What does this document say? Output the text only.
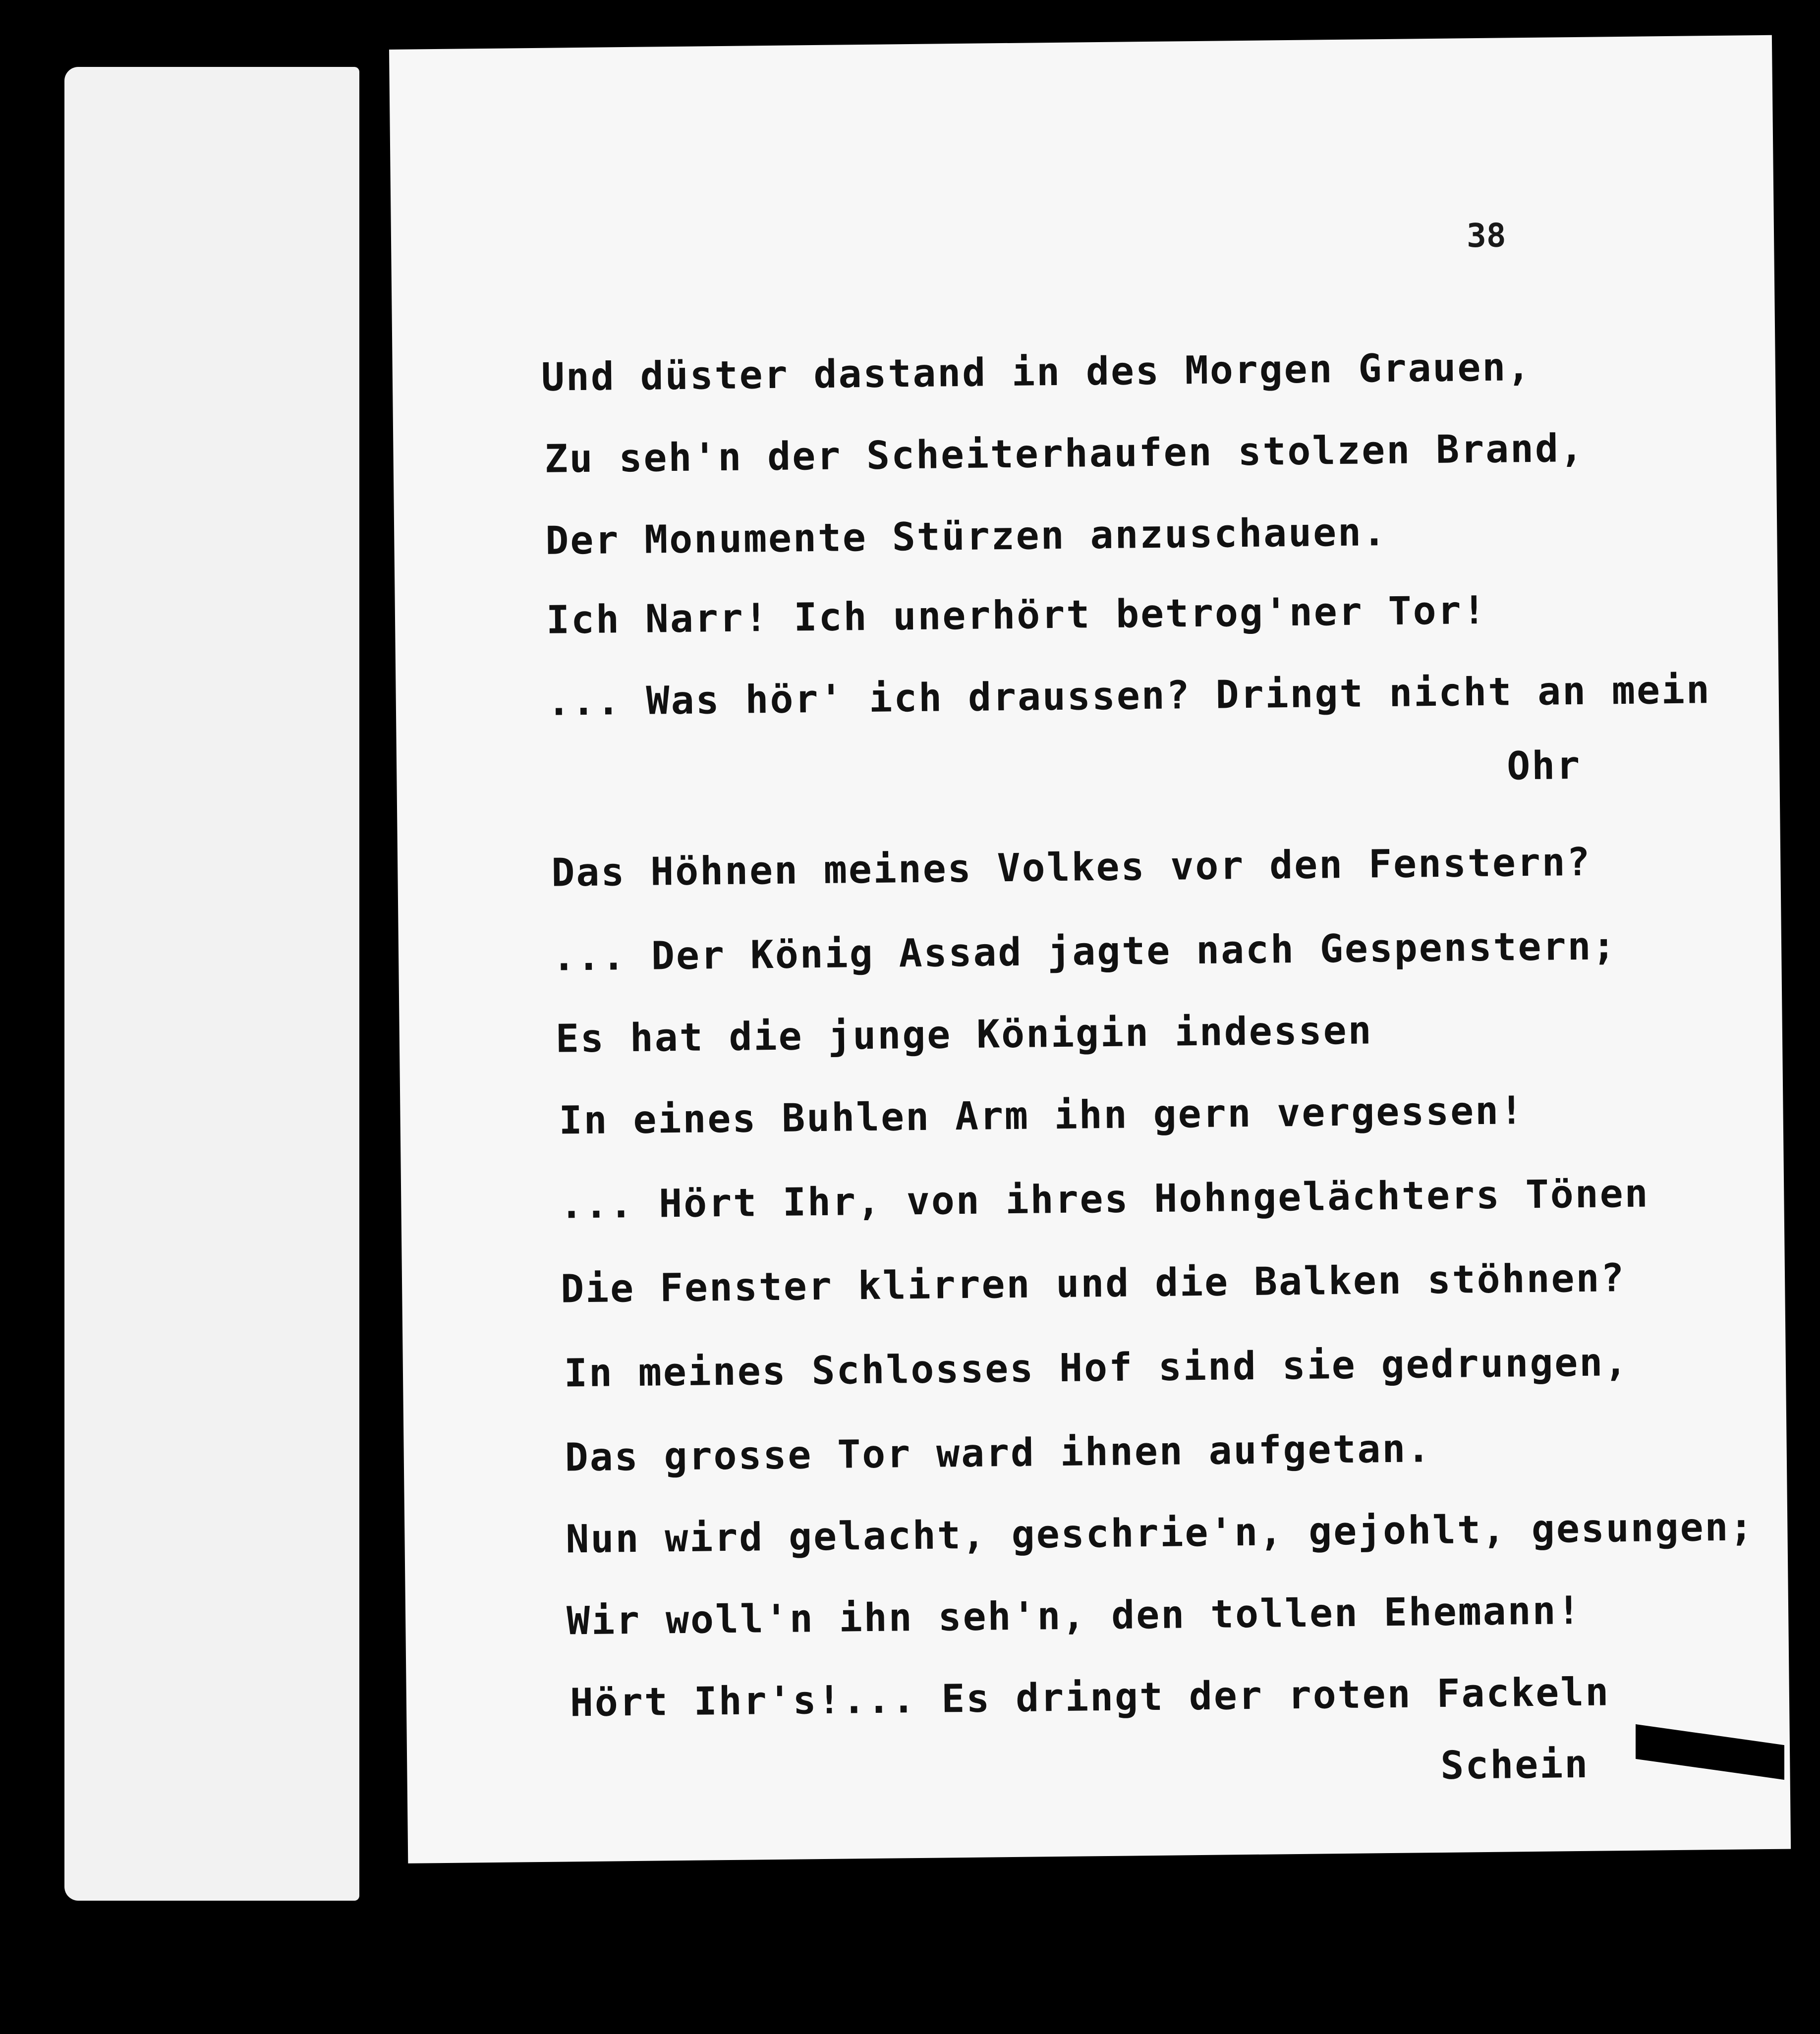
38
Und düster dastand in des Morgen Grauen,
Zu seh'n der Scheiterhaufen stolzen Brand,
Der Monumente Stürzen anzuschauen.
Ich Narr! Ich unerhört betrog'ner Tor!
... Was hör' ich draussen? Dringt nicht an mein
Ohr
Das Höhnen meines Volkes vor den Fenstern?
... Der König Assad jagte nach Gespenstern;
Es hat die junge Königin indessen
In eines Buhlen Arm ihn gern vergessen!
... Hört Ihr, von ihres Hohngelächters Tönen
Die Fenster klirren und die Balken stöhnen?
In meines Schlosses Hof sind sie gedrungen,
Das grosse Tor ward ihnen aufgetan.
Nun wird gelacht, geschrie'n, gejohlt, gesungen;
Wir woll'n ihn seh'n, den tollen Ehemann!
Hört Ihr's!... Es dringt der roten Fackeln
Schein
